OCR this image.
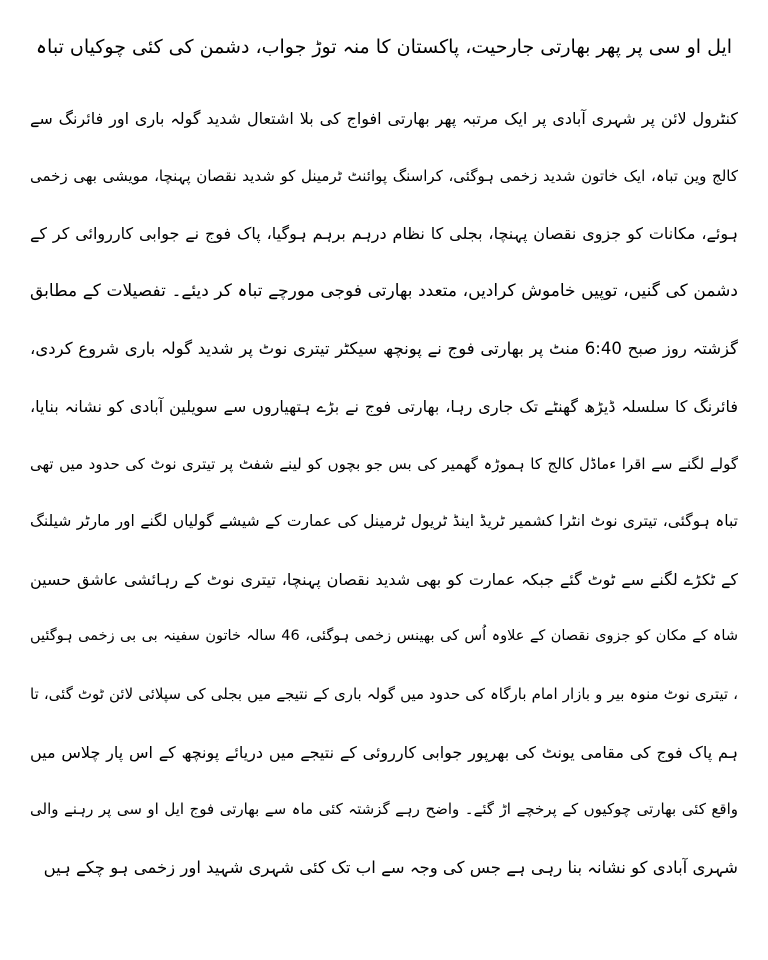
ایل او سی پر پھر بھارتی جارحیت، پاکستان کا منہ توڑ جواب، دشمن کی کئی چوکیاں تباہ
کنٹرول لائن پر شہری آبادی پر ایک مرتبہ پھر بھارتی افواج کی بلا اشتعال شدید گولہ باری اور فائرنگ سے
کالج وین تباہ، ایک خاتون شدید زخمی ہوگئی، کراسنگ پوائنٹ ٹرمینل کو شدید نقصان پہنچا، مویشی بھی زخمی
ہوئے، مکانات کو جزوی نقصان پہنچا، بجلی کا نظام درہم برہم ہوگیا، پاک فوج نے جوابی کارروائی کر کے
دشمن کی گنیں، توپیں خاموش کرادیں، متعدد بھارتی فوجی مورچے تباہ کر دیئے۔ تفصیلات کے مطابق
گزشتہ روز صبح 6:40 منٹ پر بھارتی فوج نے پونچھ سیکٹر تیتری نوٹ پر شدید گولہ باری شروع کردی،
فائرنگ کا سلسلہ ڈیڑھ گھنٹے تک جاری رہا، بھارتی فوج نے بڑے ہتھیاروں سے سویلین آبادی کو نشانہ بنایا،
گولے لگنے سے اقرا ءماڈل کالج کا ہموڑہ گھمیر کی بس جو بچوں کو لینے شفٹ پر تیتری نوٹ کی حدود میں تھی
تباہ ہوگئی، تیتری نوٹ انٹرا کشمیر ٹریڈ اینڈ ٹریول ٹرمینل کی عمارت کے شیشے گولیاں لگنے اور مارٹر شیلنگ
کے ٹکڑے لگنے سے ٹوٹ گئے جبکہ عمارت کو بھی شدید نقصان پہنچا، تیتری نوٹ کے رہائشی عاشق حسین
شاہ کے مکان کو جزوی نقصان کے علاوہ اُس کی بھینس زخمی ہوگئی، 46 سالہ خاتون سفینہ بی بی زخمی ہوگئیں
، تیتری نوٹ منوہ بیر و بازار امام بارگاہ کی حدود میں گولہ باری کے نتیجے میں بجلی کی سپلائی لائن ٹوٹ گئی، تا
ہم پاک فوج کی مقامی یونٹ کی بھرپور جوابی کارروئی کے نتیجے میں دریائے پونچھ کے اس پار چلاس میں
واقع کئی بھارتی چوکیوں کے پرخچے اڑ گئے۔ واضح رہے گزشتہ کئی ماہ سے بھارتی فوج ایل او سی پر رہنے والی
شہری آبادی کو نشانہ بنا رہی ہے جس کی وجہ سے اب تک کئی شہری شہید اور زخمی ہو چکے ہیں
